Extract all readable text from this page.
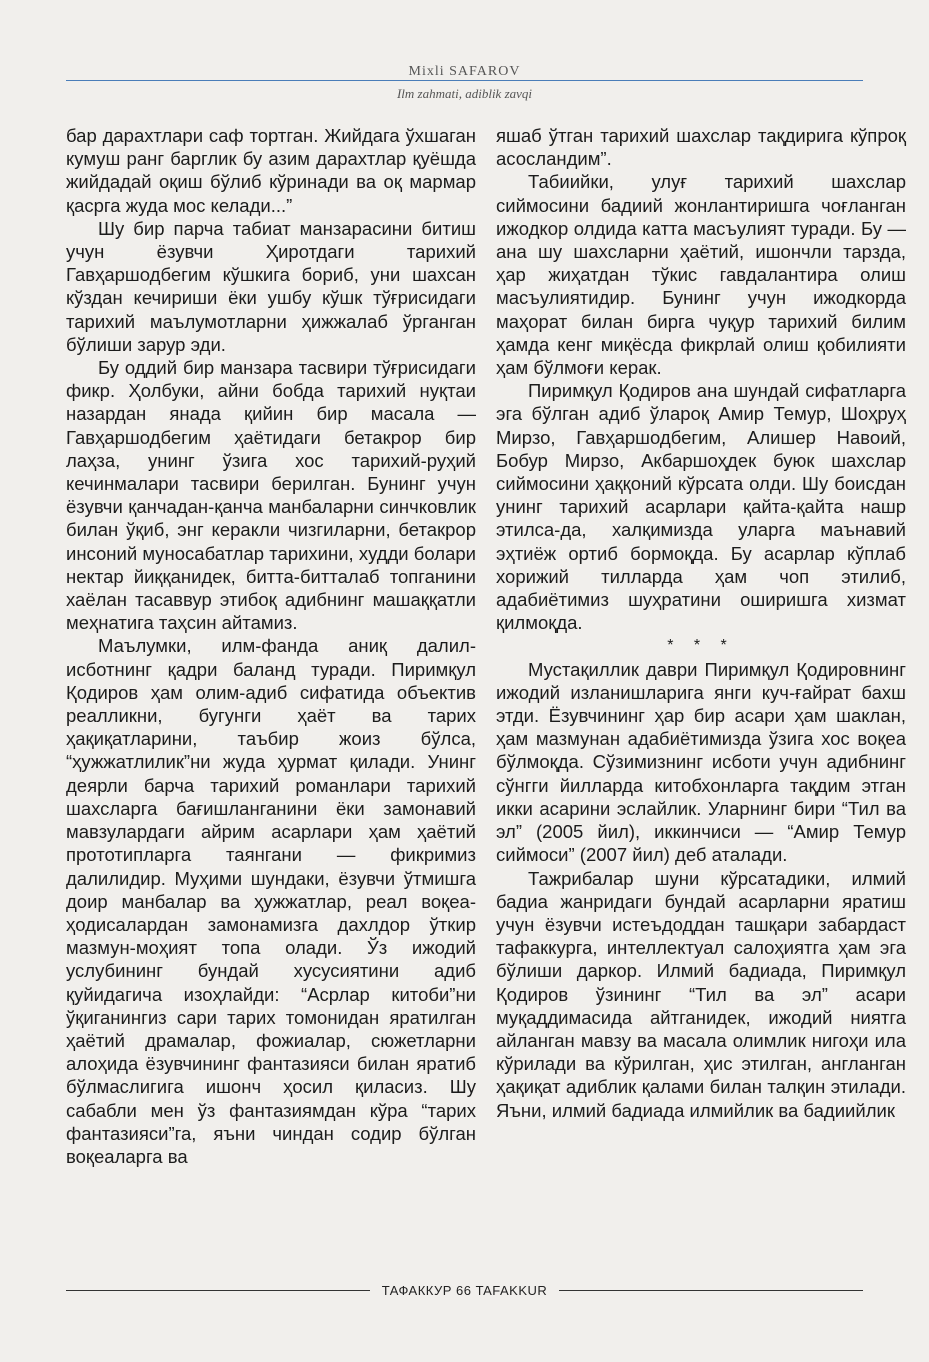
Mixli SAFAROV
Ilm zahmati, adiblik zavqi

бар дарахтлари саф тортган. Жийдага ўхшаган кумуш ранг барглик бу азим дарахтлар қуёшда жийдадай оқиш бўлиб кўринади ва оқ мармар қасрга жуда мос келади...”

Шу бир парча табиат манзарасини битиш учун ёзувчи Ҳиротдаги тарихий Гавҳаршодбегим кўшкига бориб, уни шахсан кўздан кечириши ёки ушбу кўшк тўғрисидаги тарихий маълумотларни ҳижжалаб ўрганган бўлиши зарур эди.

Бу оддий бир манзара тасвири тўғрисидаги фикр. Ҳолбуки, айни бобда тарихий нуқтаи назардан янада қийин бир масала — Гавҳаршодбегим ҳаётидаги бетакрор бир лаҳза, унинг ўзига хос тарихий-руҳий кечинмалари тасвири берилган. Бунинг учун ёзувчи қанчадан-қанча манбаларни синчковлик билан ўқиб, энг керакли чизгиларни, бетакрор инсоний муносабатлар тарихини, худди болари нектар йиққанидек, битта-битталаб топганини хаёлан тасаввур этибоқ адибнинг машаққатли меҳнатига таҳсин айтамиз.

Маълумки, илм-фанда аниқ далил-исботнинг қадри баланд туради. Пиримқул Қодиров ҳам олим-адиб сифатида объектив реалликни, бугунги ҳаёт ва тарих ҳақиқатларини, таъбир жоиз бўлса, “ҳужжатлилик”ни жуда ҳурмат қилади. Унинг деярли барча тарихий романлари тарихий шахсларга бағишланганини ёки замонавий мавзулардаги айрим асарлари ҳам ҳаётий прототипларга таянгани — фикримиз далилидир. Муҳими шундаки, ёзувчи ўтмишга доир манбалар ва ҳужжатлар, реал воқеа-ҳодисалардан замонамизга дахлдор ўткир мазмун-моҳият топа олади. Ўз ижодий услубининг бундай хусусиятини адиб қуйидагича изоҳлайди: “Асрлар китоби”ни ўқиганингиз сари тарих томонидан яратилган ҳаётий драмалар, фожиалар, сюжетларни алоҳида ёзувчининг фантазияси билан яратиб бўлмаслигига ишонч ҳосил қиласиз. Шу сабабли мен ўз фантазиямдан кўра “тарих фантазияси”га, яъни чиндан содир бўлган воқеаларга ва

яшаб ўтган тарихий шахслар тақдирига кўпроқ асосландим”.

Табиийки, улуғ тарихий шахслар сиймосини бадиий жонлантиришга чоғланган ижодкор олдида катта масъулият туради. Бу — ана шу шахсларни ҳаётий, ишончли тарзда, ҳар жиҳатдан тўкис гавдалантира олиш масъулиятидир. Бунинг учун ижодкорда маҳорат билан бирга чуқур тарихий билим ҳамда кенг миқёсда фикрлай олиш қобилияти ҳам бўлмоғи керак.

Пиримқул Қодиров ана шундай сифатларга эга бўлган адиб ўлароқ Амир Темур, Шоҳруҳ Мирзо, Гавҳаршодбегим, Алишер Навоий, Бобур Мирзо, Акбаршоҳдек буюк шахслар сиймосини ҳаққоний кўрсата олди. Шу боисдан унинг тарихий асарлари қайта-қайта нашр этилса-да, халқимизда уларга маънавий эҳтиёж ортиб бормоқда. Бу асарлар кўплаб хорижий тилларда ҳам чоп этилиб, адабиётимиз шуҳратини оширишга хизмат қилмоқда.

* * *

Мустақиллик даври Пиримқул Қодировнинг ижодий изланишларига янги куч-ғайрат бахш этди. Ёзувчининг ҳар бир асари ҳам шаклан, ҳам мазмунан адабиётимизда ўзига хос воқеа бўлмоқда. Сўзимизнинг исботи учун адибнинг сўнгги йилларда китобхонларга тақдим этган икки асарини эслайлик. Уларнинг бири “Тил ва эл” (2005 йил), иккинчиси — “Амир Темур сиймоси” (2007 йил) деб аталади.

Тажрибалар шуни кўрсатадики, илмий бадиа жанридаги бундай асарларни яратиш учун ёзувчи истеъдоддан ташқари забардаст тафаккурга, интеллектуал салоҳиятга ҳам эга бўлиши даркор. Илмий бадиада, Пиримқул Қодиров ўзининг “Тил ва эл” асари муқаддимасида айтганидек, ижодий ниятга айланган мавзу ва масала олимлик нигоҳи ила кўрилади ва кўрилган, ҳис этилган, англанган ҳақиқат адиблик қалами билан талқин этилади. Яъни, илмий бадиада илмийлик ва бадиийлик

ТАФАККУР 66 TAFAKKUR
